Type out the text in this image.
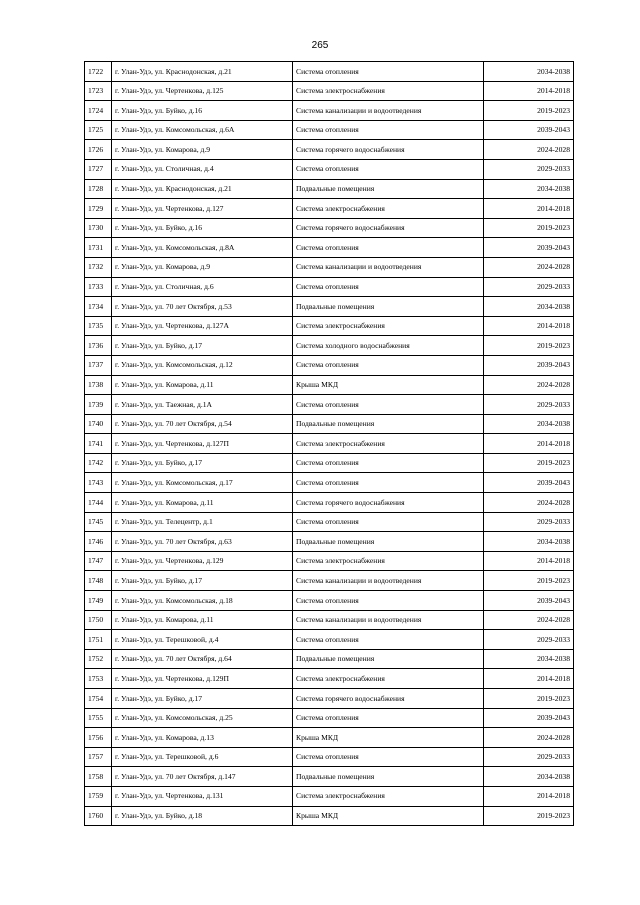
265
1722	г. Улан-Удэ, ул. Краснодонская, д.21	Система отопления	2034-2038
1723	г. Улан-Удэ, ул. Чертенкова, д.125	Система электроснабжения	2014-2018
1724	г. Улан-Удэ, ул. Буйко, д.16	Система канализации и водоотведения	2019-2023
1725	г. Улан-Удэ, ул. Комсомольская, д.6А	Система отопления	2039-2043
1726	г. Улан-Удэ, ул. Комарова, д.9	Система горячего водоснабжения	2024-2028
1727	г. Улан-Удэ, ул. Столичная, д.4	Система отопления	2029-2033
1728	г. Улан-Удэ, ул. Краснодонская, д.21	Подвальные помещения	2034-2038
1729	г. Улан-Удэ, ул. Чертенкова, д.127	Система электроснабжения	2014-2018
1730	г. Улан-Удэ, ул. Буйко, д.16	Система горячего водоснабжения	2019-2023
1731	г. Улан-Удэ, ул. Комсомольская, д.8А	Система отопления	2039-2043
1732	г. Улан-Удэ, ул. Комарова, д.9	Система канализации и водоотведения	2024-2028
1733	г. Улан-Удэ, ул. Столичная, д.6	Система отопления	2029-2033
1734	г. Улан-Удэ, ул. 70 лет Октября, д.53	Подвальные помещения	2034-2038
1735	г. Улан-Удэ, ул. Чертенкова, д.127А	Система электроснабжения	2014-2018
1736	г. Улан-Удэ, ул. Буйко, д.17	Система холодного водоснабжения	2019-2023
1737	г. Улан-Удэ, ул. Комсомольская, д.12	Система отопления	2039-2043
1738	г. Улан-Удэ, ул. Комарова, д.11	Крыша МКД	2024-2028
1739	г. Улан-Удэ, ул. Таежная, д.1А	Система отопления	2029-2033
1740	г. Улан-Удэ, ул. 70 лет Октября, д.54	Подвальные помещения	2034-2038
1741	г. Улан-Удэ, ул. Чертенкова, д.127П	Система электроснабжения	2014-2018
1742	г. Улан-Удэ, ул. Буйко, д.17	Система отопления	2019-2023
1743	г. Улан-Удэ, ул. Комсомольская, д.17	Система отопления	2039-2043
1744	г. Улан-Удэ, ул. Комарова, д.11	Система горячего водоснабжения	2024-2028
1745	г. Улан-Удэ, ул. Телецентр, д.1	Система отопления	2029-2033
1746	г. Улан-Удэ, ул. 70 лет Октября, д.63	Подвальные помещения	2034-2038
1747	г. Улан-Удэ, ул. Чертенкова, д.129	Система электроснабжения	2014-2018
1748	г. Улан-Удэ, ул. Буйко, д.17	Система канализации и водоотведения	2019-2023
1749	г. Улан-Удэ, ул. Комсомольская, д.18	Система отопления	2039-2043
1750	г. Улан-Удэ, ул. Комарова, д.11	Система канализации и водоотведения	2024-2028
1751	г. Улан-Удэ, ул. Терешковой, д.4	Система отопления	2029-2033
1752	г. Улан-Удэ, ул. 70 лет Октября, д.64	Подвальные помещения	2034-2038
1753	г. Улан-Удэ, ул. Чертенкова, д.129П	Система электроснабжения	2014-2018
1754	г. Улан-Удэ, ул. Буйко, д.17	Система горячего водоснабжения	2019-2023
1755	г. Улан-Удэ, ул. Комсомольская, д.25	Система отопления	2039-2043
1756	г. Улан-Удэ, ул. Комарова, д.13	Крыша МКД	2024-2028
1757	г. Улан-Удэ, ул. Терешковой, д.6	Система отопления	2029-2033
1758	г. Улан-Удэ, ул. 70 лет Октября, д.147	Подвальные помещения	2034-2038
1759	г. Улан-Удэ, ул. Чертенкова, д.131	Система электроснабжения	2014-2018
1760	г. Улан-Удэ, ул. Буйко, д.18	Крыша МКД	2019-2023
